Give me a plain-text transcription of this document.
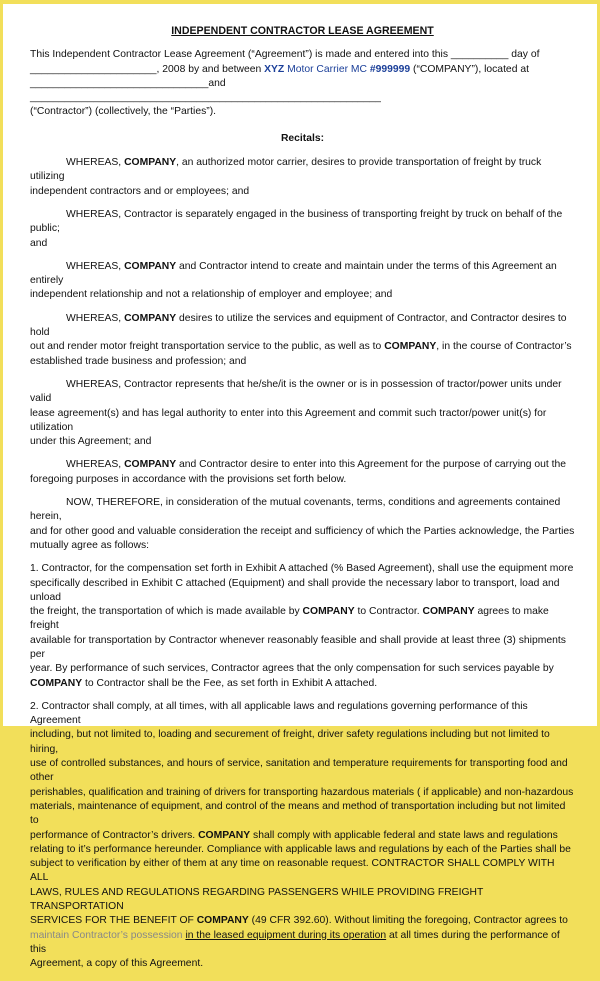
INDEPENDENT CONTRACTOR LEASE AGREEMENT
This Independent Contractor Lease Agreement (“Agreement”) is made and entered into this __________ day of
______________________, 2008 by and between XYZ Motor Carrier MC #999999 (“COMPANY”), located at
_______________________________and _____________________________________________________________
(“Contractor”) (collectively, the “Parties”).
Recitals:
WHEREAS, COMPANY, an authorized motor carrier, desires to provide transportation of freight by truck utilizing
independent contractors and or employees; and
WHEREAS, Contractor is separately engaged in the business of transporting freight by truck on behalf of the public;
and
WHEREAS, COMPANY and Contractor intend to create and maintain under the terms of this Agreement an entirely
independent relationship and not a relationship of employer and employee; and
WHEREAS, COMPANY desires to utilize the services and equipment of Contractor, and Contractor desires to hold
out and render motor freight transportation service to the public, as well as to COMPANY, in the course of Contractor’s
established trade business and profession; and
WHEREAS, Contractor represents that he/she/it is the owner or is in possession of tractor/power units under valid
lease agreement(s) and has legal authority to enter into this Agreement and commit such tractor/power unit(s) for utilization
under this Agreement; and
WHEREAS, COMPANY and Contractor desire to enter into this Agreement for the purpose of carrying out the
foregoing purposes in accordance with the provisions set forth below.
NOW, THEREFORE, in consideration of the mutual covenants, terms, conditions and agreements contained herein,
and for other good and valuable consideration the receipt and sufficiency of which the Parties acknowledge, the Parties
mutually agree as follows:
1. Contractor, for the compensation set forth in Exhibit A attached (% Based Agreement), shall use the equipment more
specifically described in Exhibit C attached (Equipment) and shall provide the necessary labor to transport, load and unload
the freight, the transportation of which is made available by COMPANY to Contractor. COMPANY agrees to make freight
available for transportation by Contractor whenever reasonably feasible and shall provide at least three (3) shipments per
year. By performance of such services, Contractor agrees that the only compensation for such services payable by
COMPANY to Contractor shall be the Fee, as set forth in Exhibit A attached.
2. Contractor shall comply, at all times, with all applicable laws and regulations governing performance of this Agreement
including, but not limited to, loading and securement of freight, driver safety regulations including but not limited to hiring,
use of controlled substances, and hours of service, sanitation and temperature requirements for transporting food and other
perishables, qualification and training of drivers for transporting hazardous materials ( if applicable) and non-hazardous
materials, maintenance of equipment, and control of the means and method of transportation including but not limited to
performance of Contractor’s drivers. COMPANY shall comply with applicable federal and state laws and regulations
relating to it’s performance hereunder. Compliance with applicable laws and regulations by each of the Parties shall be
subject to verification by either of them at any time on reasonable request. CONTRACTOR SHALL COMPLY WITH ALL
LAWS, RULES AND REGULATIONS REGARDING PASSENGERS WHILE PROVIDING FREIGHT TRANSPORTATION
SERVICES FOR THE BENEFIT OF COMPANY (49 CFR 392.60). Without limiting the foregoing, Contractor agrees to
maintain Contractor’s possession in the leased equipment during its operation at all times during the performance of this
Agreement, a copy of this Agreement.
